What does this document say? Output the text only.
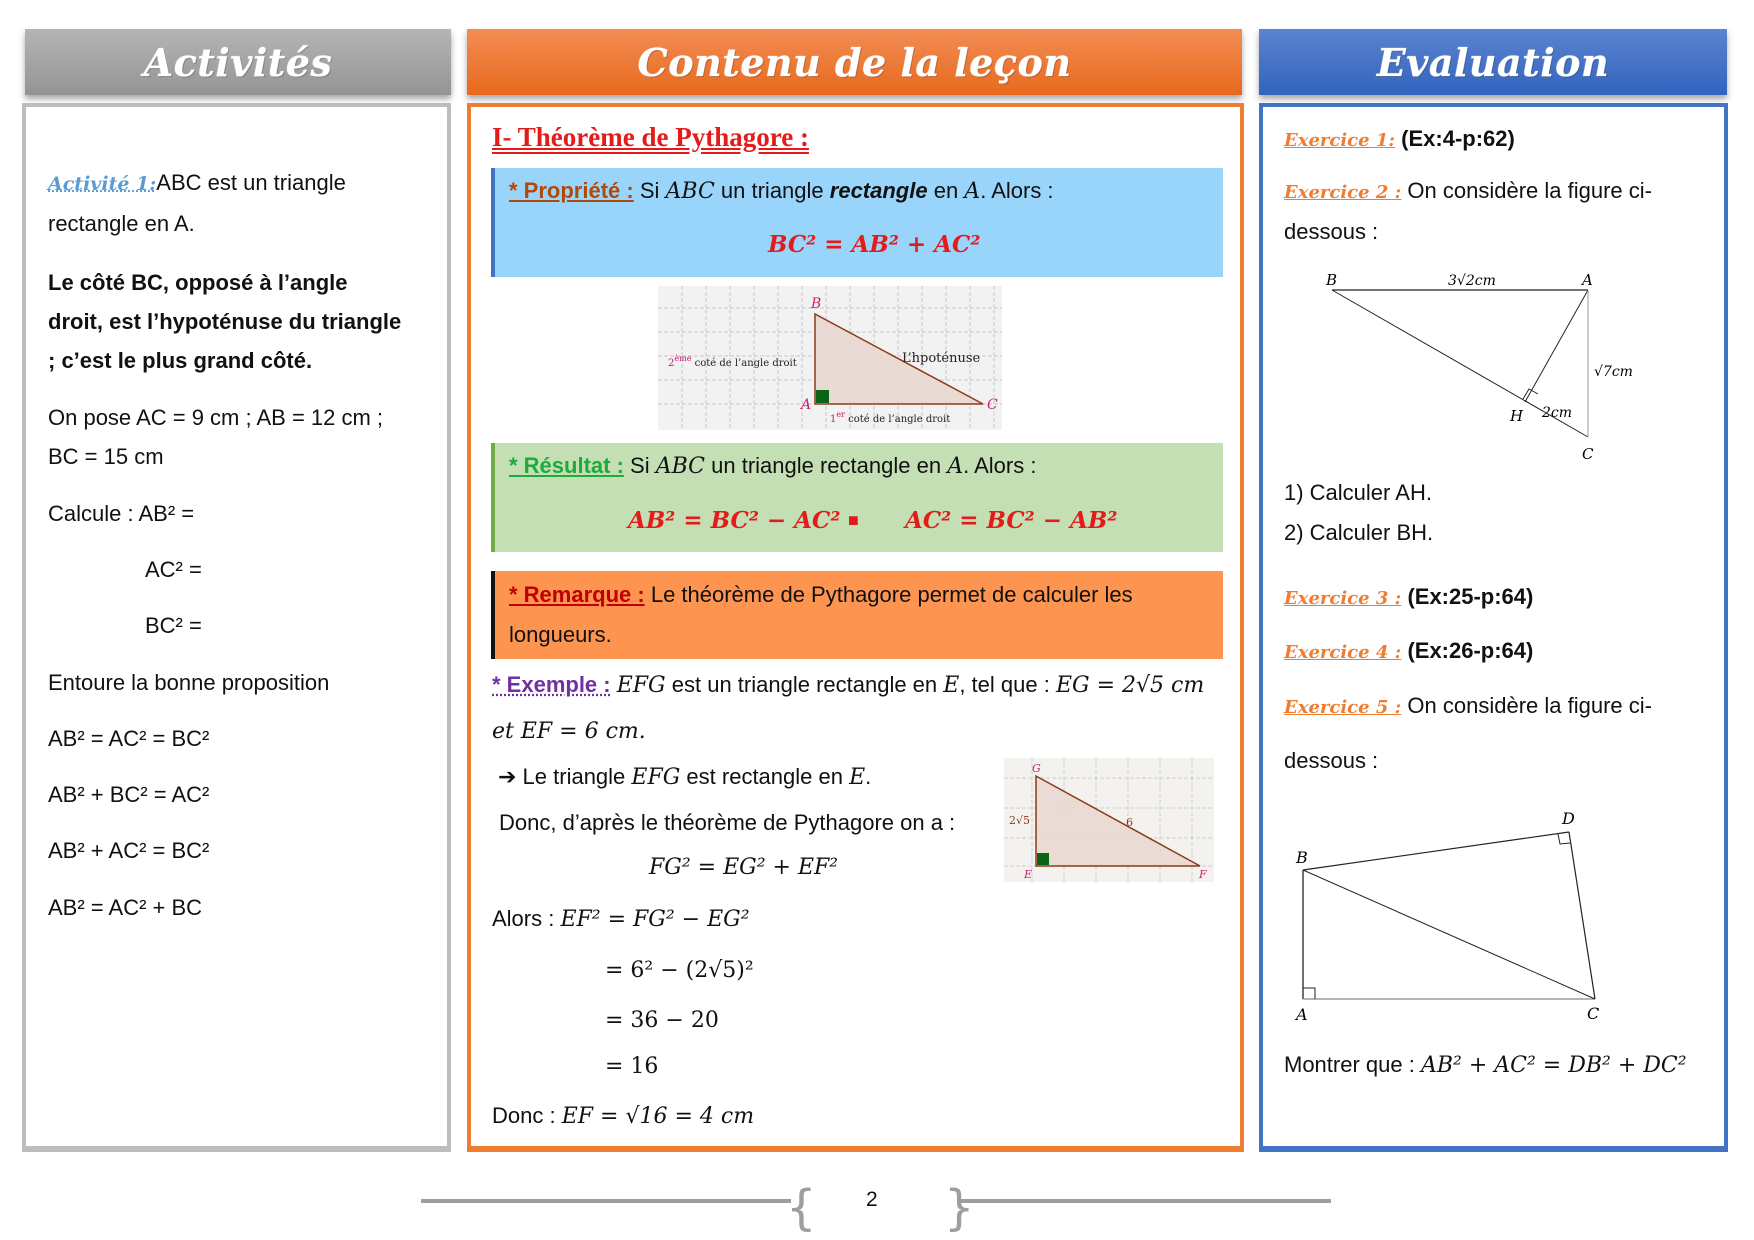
Activités	Contenu de la leçon	Evaluation
Activité 1:ABC est un triangle
rectangle en A.
Le côté BC, opposé à l’angle
droit, est l’hypoténuse du triangle
; c’est le plus grand côté.
On pose AC = 9 cm ; AB = 12 cm ;
BC = 15 cm
Calcule : AB² =
AC² =
BC² =
Entoure la bonne proposition
AB² = AC² = BC²
AB² + BC² = AC²
AB² + AC² = BC²
AB² = AC² + BC
I- Théorème de Pythagore :
* Propriété : Si ABC un triangle rectangle en A. Alors :
BC² = AB² + AC²
B
A	C
L’hpoténuse
2ème coté de l’angle droit
1er coté de l’angle droit
* Résultat : Si ABC un triangle rectangle en A. Alors :
AB² = BC² − AC² ■ AC² = BC² − AB²
* Remarque : Le théorème de Pythagore permet de calculer les
longueurs.
* Exemple : EFG est un triangle rectangle en E, tel que : EG = 2√5 cm
et EF = 6 cm.
➔ Le triangle EFG est rectangle en E.
Donc, d’après le théorème de Pythagore on a :
FG² = EG² + EF²
Alors : EF² = FG² − EG²
= 6² − (2√5)²
= 36 − 20
= 16
Donc : EF = √16 = 4 cm
G
E	F
2√5	6
Exercice 1: (Ex:4-p:62)
Exercice 2 : On considère la figure ci-
dessous :
B	A
H
C
3√2cm
√7cm
2cm
1) Calculer AH.
2) Calculer BH.
Exercice 3 : (Ex:25-p:64)
Exercice 4 : (Ex:26-p:64)
Exercice 5 : On considère la figure ci-
dessous :
B
A	C
D
Montrer que : AB² + AC² = DB² + DC²
{	}
2
